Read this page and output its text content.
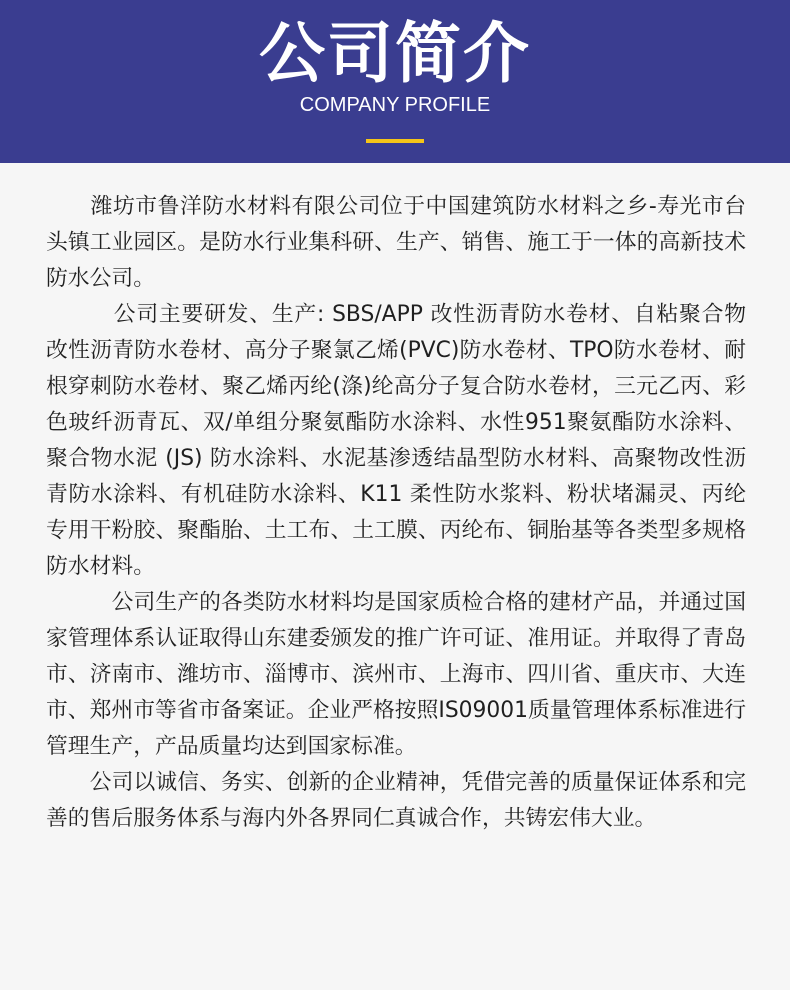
公司简介
COMPANY PROFILE

　　潍坊市鲁洋防水材料有限公司位于中国建筑防水材料之乡-寿光市台头镇工业园区。是防水行业集科研、生产、销售、施工于一体的高新技术防水公司。

　　　公司主要研发、生产: SBS/APP 改性沥青防水卷材、自粘聚合物改性沥青防水卷材、高分子聚氯乙烯(PVC)防水卷材、TPO防水卷材、耐根穿刺防水卷材、聚乙烯丙纶(涤)纶高分子复合防水卷材，三元乙丙、彩色玻纤沥青瓦、双/单组分聚氨酯防水涂料、水性951聚氨酯防水涂料、聚合物水泥 (JS) 防水涂料、水泥基渗透结晶型防水材料、高聚物改性沥青防水涂料、有机硅防水涂料、K11 柔性防水浆料、粉状堵漏灵、丙纶专用干粉胶、聚酯胎、土工布、土工膜、丙纶布、铜胎基等各类型多规格防水材料。

　　　公司生产的各类防水材料均是国家质检合格的建材产品，并通过国家管理体系认证取得山东建委颁发的推广许可证、准用证。并取得了青岛市、济南市、潍坊市、淄博市、滨州市、上海市、四川省、重庆市、大连市、郑州市等省市备案证。企业严格按照IS09001质量管理体系标准进行管理生产，产品质量均达到国家标准。

　　公司以诚信、务实、创新的企业精神，凭借完善的质量保证体系和完善的售后服务体系与海内外各界同仁真诚合作，共铸宏伟大业。
